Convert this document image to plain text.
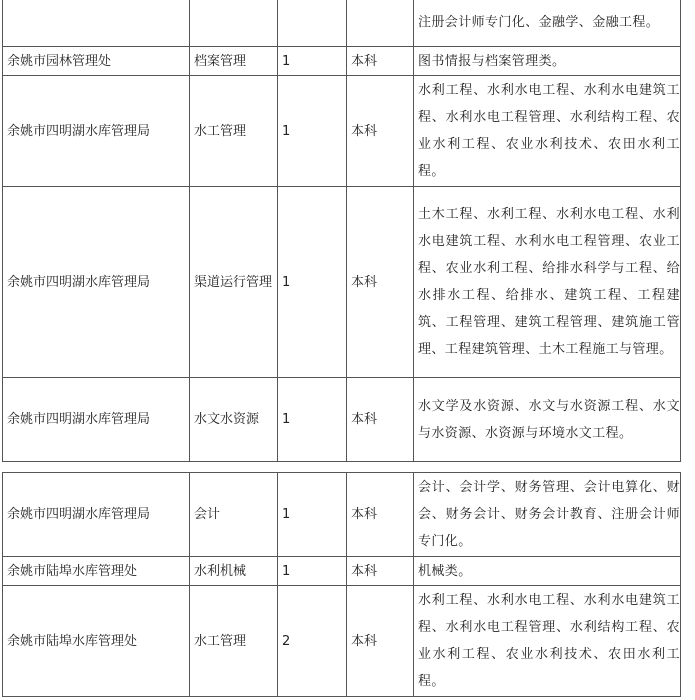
				注册会计师专门化、金融学、金融工程。
余姚市园林管理处	档案管理	1	本科	图书情报与档案管理类。
余姚市四明湖水库管理局	水工管理	1	本科	水利工程、水利水电工程、水利水电建筑工程、水利水电工程管理、水利结构工程、农业水利工程、农业水利技术、农田水利工程。
余姚市四明湖水库管理局	渠道运行管理	1	本科	土木工程、水利工程、水利水电工程、水利水电建筑工程、水利水电工程管理、农业工程、农业水利工程、给排水科学与工程、给水排水工程、给排水、建筑工程、工程建筑、工程管理、建筑工程管理、建筑施工管理、工程建筑管理、土木工程施工与管理。
余姚市四明湖水库管理局	水文水资源	1	本科	水文学及水资源、水文与水资源工程、水文与水资源、水资源与环境水文工程。
余姚市四明湖水库管理局	会计	1	本科	会计、会计学、财务管理、会计电算化、财会、财务会计、财务会计教育、注册会计师专门化。
余姚市陆埠水库管理处	水利机械	1	本科	机械类。
余姚市陆埠水库管理处	水工管理	2	本科	水利工程、水利水电工程、水利水电建筑工程、水利水电工程管理、水利结构工程、农业水利工程、农业水利技术、农田水利工程。
